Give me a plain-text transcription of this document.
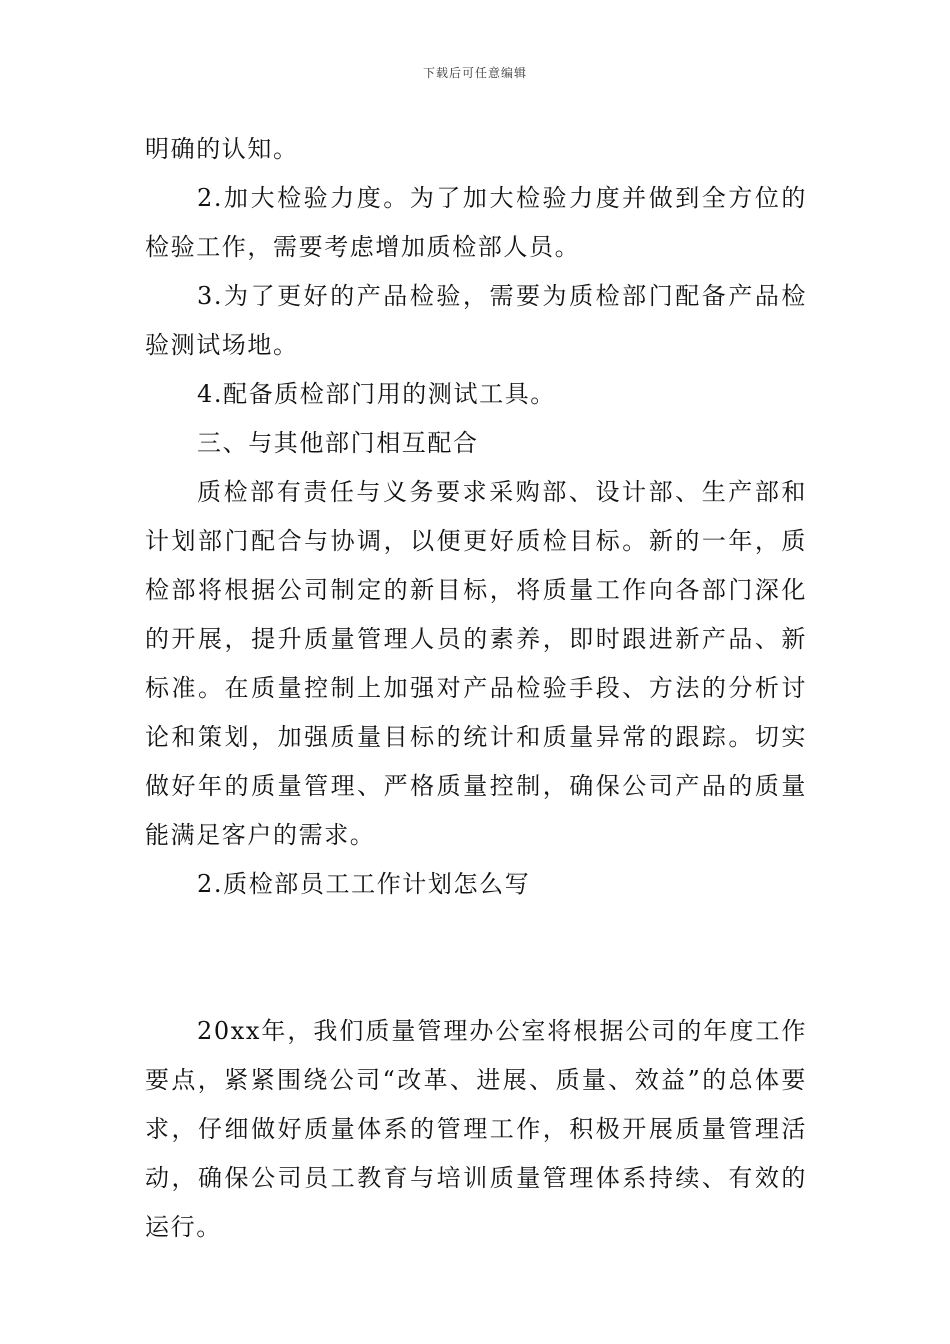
下载后可任意编辑

明确的认知。

2.加大检验力度。为了加大检验力度并做到全方位的检验工作，需要考虑增加质检部人员。

3.为了更好的产品检验，需要为质检部门配备产品检验测试场地。

4.配备质检部门用的测试工具。

三、与其他部门相互配合

质检部有责任与义务要求采购部、设计部、生产部和计划部门配合与协调，以便更好质检目标。新的一年，质检部将根据公司制定的新目标，将质量工作向各部门深化的开展，提升质量管理人员的素养，即时跟进新产品、新标准。在质量控制上加强对产品检验手段、方法的分析讨论和策划，加强质量目标的统计和质量异常的跟踪。切实做好年的质量管理、严格质量控制，确保公司产品的质量能满足客户的需求。

2.质检部员工工作计划怎么写

20xx年，我们质量管理办公室将根据公司的年度工作要点，紧紧围绕公司“改革、进展、质量、效益”的总体要求，仔细做好质量体系的管理工作，积极开展质量管理活动，确保公司员工教育与培训质量管理体系持续、有效的运行。
